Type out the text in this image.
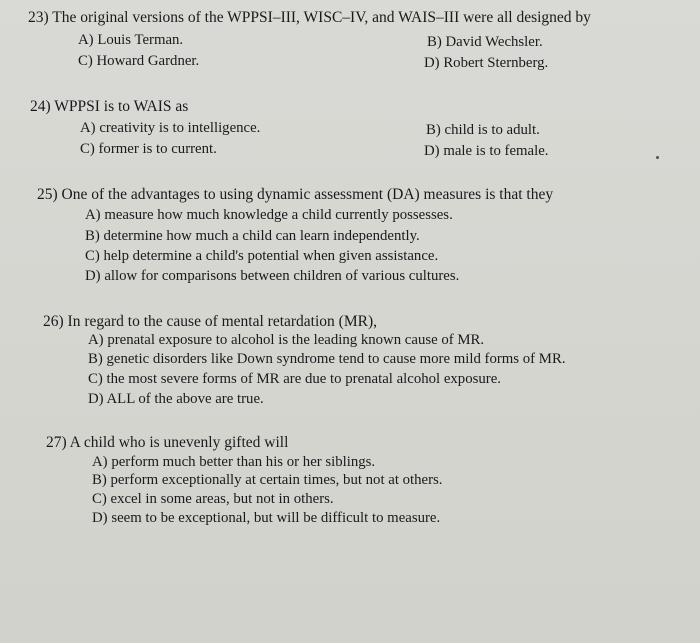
23) The original versions of the WPPSI–III, WISC–IV, and WAIS–III were all designed by
A) Louis Terman.	B) David Wechsler.
C) Howard Gardner.	D) Robert Sternberg.
24) WPPSI is to WAIS as
A) creativity is to intelligence.	B) child is to adult.
C) former is to current.	D) male is to female.
25) One of the advantages to using dynamic assessment (DA) measures is that they
A) measure how much knowledge a child currently possesses.
B) determine how much a child can learn independently.
C) help determine a child's potential when given assistance.
D) allow for comparisons between children of various cultures.
26) In regard to the cause of mental retardation (MR),
A) prenatal exposure to alcohol is the leading known cause of MR.
B) genetic disorders like Down syndrome tend to cause more mild forms of MR.
C) the most severe forms of MR are due to prenatal alcohol exposure.
D) ALL of the above are true.
27) A child who is unevenly gifted will
A) perform much better than his or her siblings.
B) perform exceptionally at certain times, but not at others.
C) excel in some areas, but not in others.
D) seem to be exceptional, but will be difficult to measure.
